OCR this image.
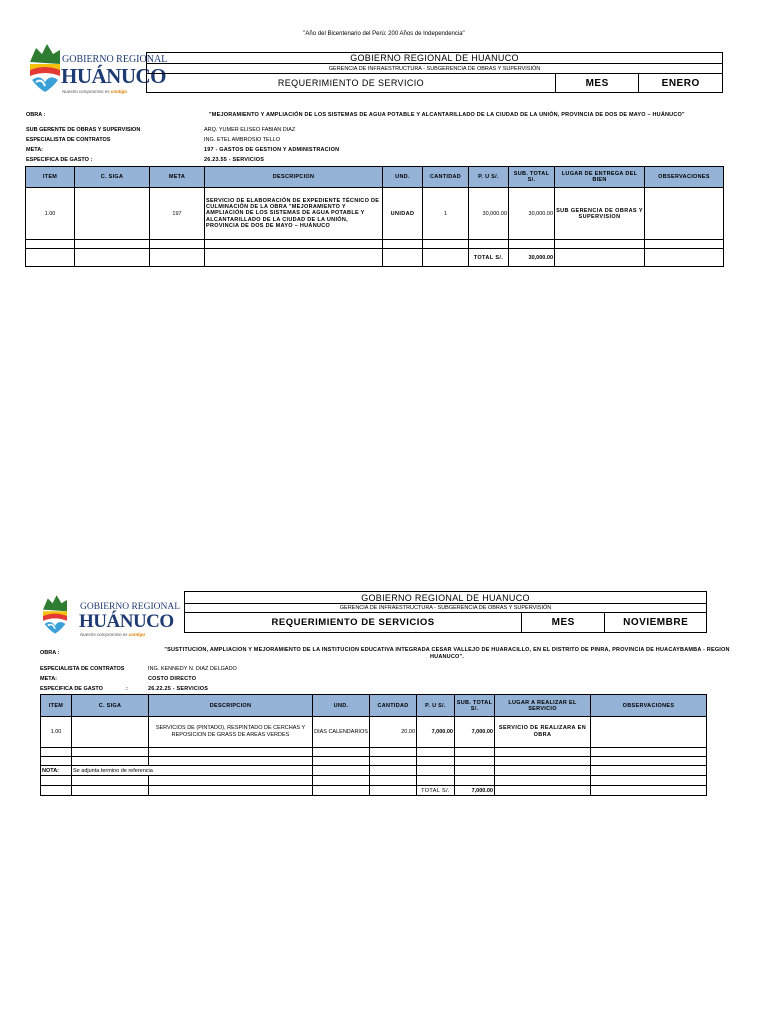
"Año del Bicentenario del Perú: 200 Años de Independencia"
GOBIERNO REGIONAL
HUÁNUCO
Nuestro compromiso es contigo
GOBIERNO REGIONAL DE HUANUCO
GERENCIA DE INFRAESTRUCTURA - SUBGERENCIA DE OBRAS Y SUPERVISIÓN
REQUERIMIENTO DE SERVICIO	MES	ENERO
OBRA :	"MEJORAMIENTO Y AMPLIACIÓN DE LOS SISTEMAS DE AGUA POTABLE Y ALCANTARILLADO DE LA CIUDAD DE LA UNIÓN, PROVINCIA DE DOS DE MAYO – HUÁNUCO"
SUB GERENTE DE OBRAS Y SUPERVISION	ARQ. YUMER ELISEO FABIAN DIAZ
ESPECIALISTA DE CONTRATOS	ING. ETEL AMBROSIO TELLO
META:	197 - GASTOS DE GESTION Y ADMINISTRACION
ESPECIFICA DE GASTO :	26.23.55 - SERVICIOS
ITEM	C. SIGA	META	DESCRIPCION	UND.	CANTIDAD	P. U S/.	SUB. TOTAL S/.	LUGAR DE ENTREGA DEL BIEN	OBSERVACIONES
1.00		197	SERVICIO DE ELABORACIÓN DE EXPEDIENTE TÉCNICO DE CULMINACIÓN DE LA OBRA "MEJORAMIENTO Y AMPLIACIÓN DE LOS SISTEMAS DE AGUA POTABLE Y ALCANTARILLADO DE LA CIUDAD DE LA UNIÓN, PROVINCIA DE DOS DE MAYO – HUÁNUCO	UNIDAD	1	30,000.00	30,000.00	SUB GERENCIA DE OBRAS Y SUPERVISION	

						TOTAL S/.	30,000.00		
GOBIERNO REGIONAL
HUÁNUCO
Nuestro compromiso es contigo
GOBIERNO REGIONAL DE HUANUCO
GERENCIA DE INFRAESTRUCTURA - SUBGERENCIA DE OBRAS Y SUPERVISIÓN
REQUERIMIENTO DE SERVICIOS	MES	NOVIEMBRE
OBRA :	"SUSTITUCION, AMPLIACION Y MEJORAMIENTO DE LA INSTITUCION EDUCATIVA INTEGRADA CESAR VALLEJO DE HUARACILLO, EN EL DISTRITO DE PINRA, PROVINCIA DE HUACAYBAMBA - REGION HUANUCO".
ESPECIALISTA DE CONTRATOS	ING. KENNEDY N. DIAZ DELGADO
META:	COSTO DIRECTO
ESPECIFICA DE GASTO	:	26.22.25 - SERVICIOS
ITEM	C. SIGA	DESCRIPCION	UND.	CANTIDAD	P. U S/.	SUB. TOTAL S/.	LUGAR A REALIZAR EL SERVICIO	OBSERVACIONES
1.00		SERVICIOS DE (PINTADO), RESPINTADO DE CERCHAS Y REPOSICION DE GRASS DE AREAS VERDES	DIAS CALENDARIOS	20.00	7,000.00	7,000.00	SERVICIO DE REALIZARA EN OBRA	

NOTA:	Se adjunta termino de referencia							

					TOTAL S/.	7,000.00		
